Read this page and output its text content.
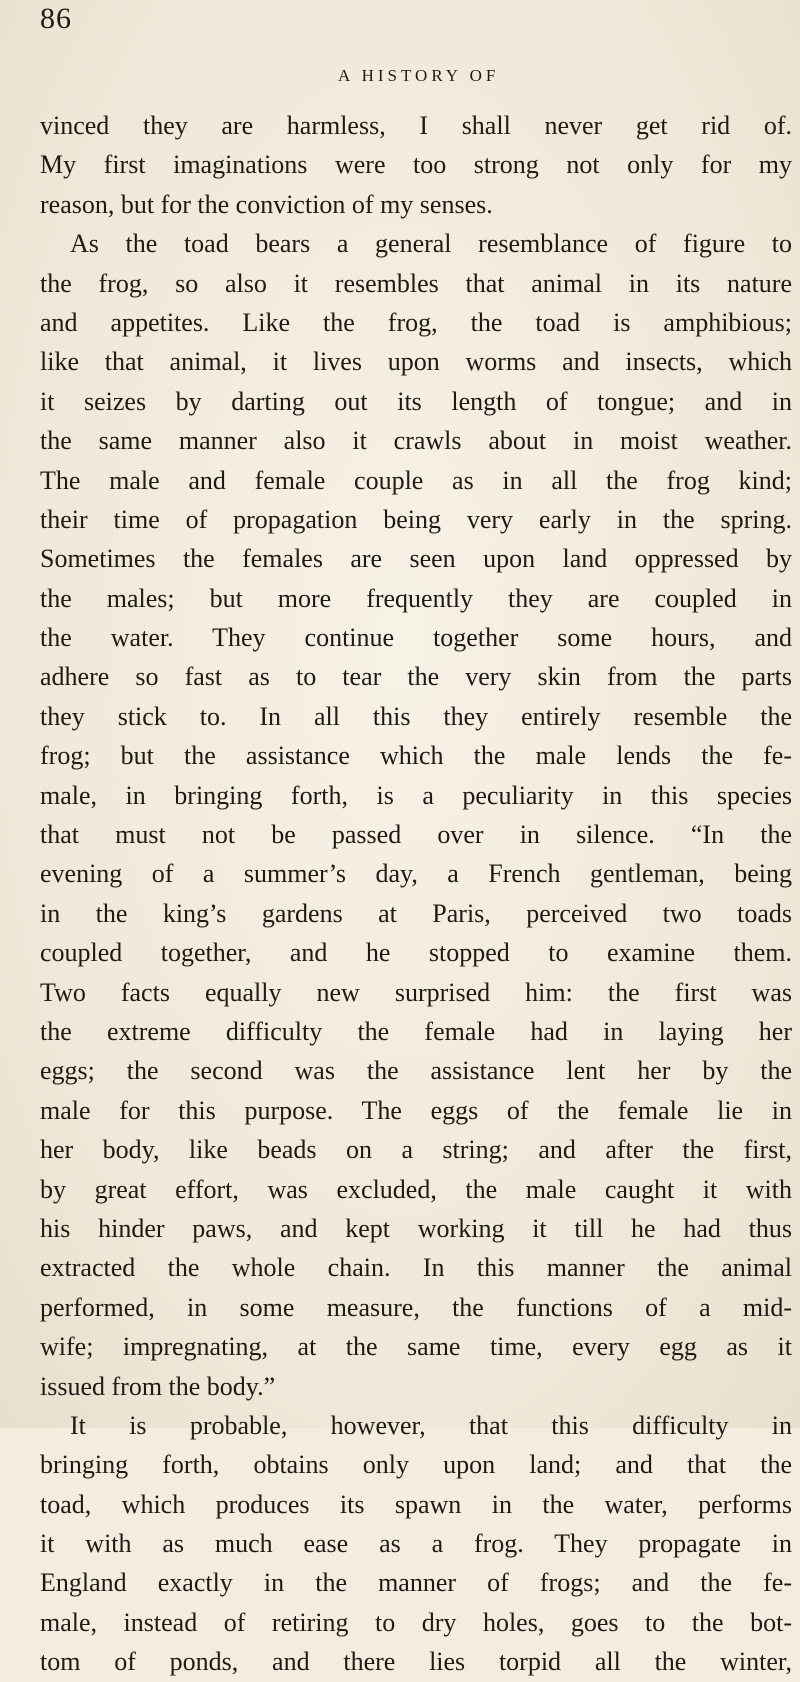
86
A HISTORY OF
vinced they are harmless, I shall never get rid of.
My first imaginations were too strong not only for my
reason, but for the conviction of my senses.
As the toad bears a general resemblance of figure to
the frog, so also it resembles that animal in its nature
and appetites. Like the frog, the toad is amphibious;
like that animal, it lives upon worms and insects, which
it seizes by darting out its length of tongue; and in
the same manner also it crawls about in moist weather.
The male and female couple as in all the frog kind;
their time of propagation being very early in the spring.
Sometimes the females are seen upon land oppressed by
the males; but more frequently they are coupled in
the water. They continue together some hours, and
adhere so fast as to tear the very skin from the parts
they stick to. In all this they entirely resemble the
frog; but the assistance which the male lends the fe-
male, in bringing forth, is a peculiarity in this species
that must not be passed over in silence. “In the
evening of a summer’s day, a French gentleman, being
in the king’s gardens at Paris, perceived two toads
coupled together, and he stopped to examine them.
Two facts equally new surprised him: the first was
the extreme difficulty the female had in laying her
eggs; the second was the assistance lent her by the
male for this purpose. The eggs of the female lie in
her body, like beads on a string; and after the first,
by great effort, was excluded, the male caught it with
his hinder paws, and kept working it till he had thus
extracted the whole chain. In this manner the animal
performed, in some measure, the functions of a mid-
wife; impregnating, at the same time, every egg as it
issued from the body.”
It is probable, however, that this difficulty in
bringing forth, obtains only upon land; and that the
toad, which produces its spawn in the water, performs
it with as much ease as a frog. They propagate in
England exactly in the manner of frogs; and the fe-
male, instead of retiring to dry holes, goes to the bot-
tom of ponds, and there lies torpid all the winter,
